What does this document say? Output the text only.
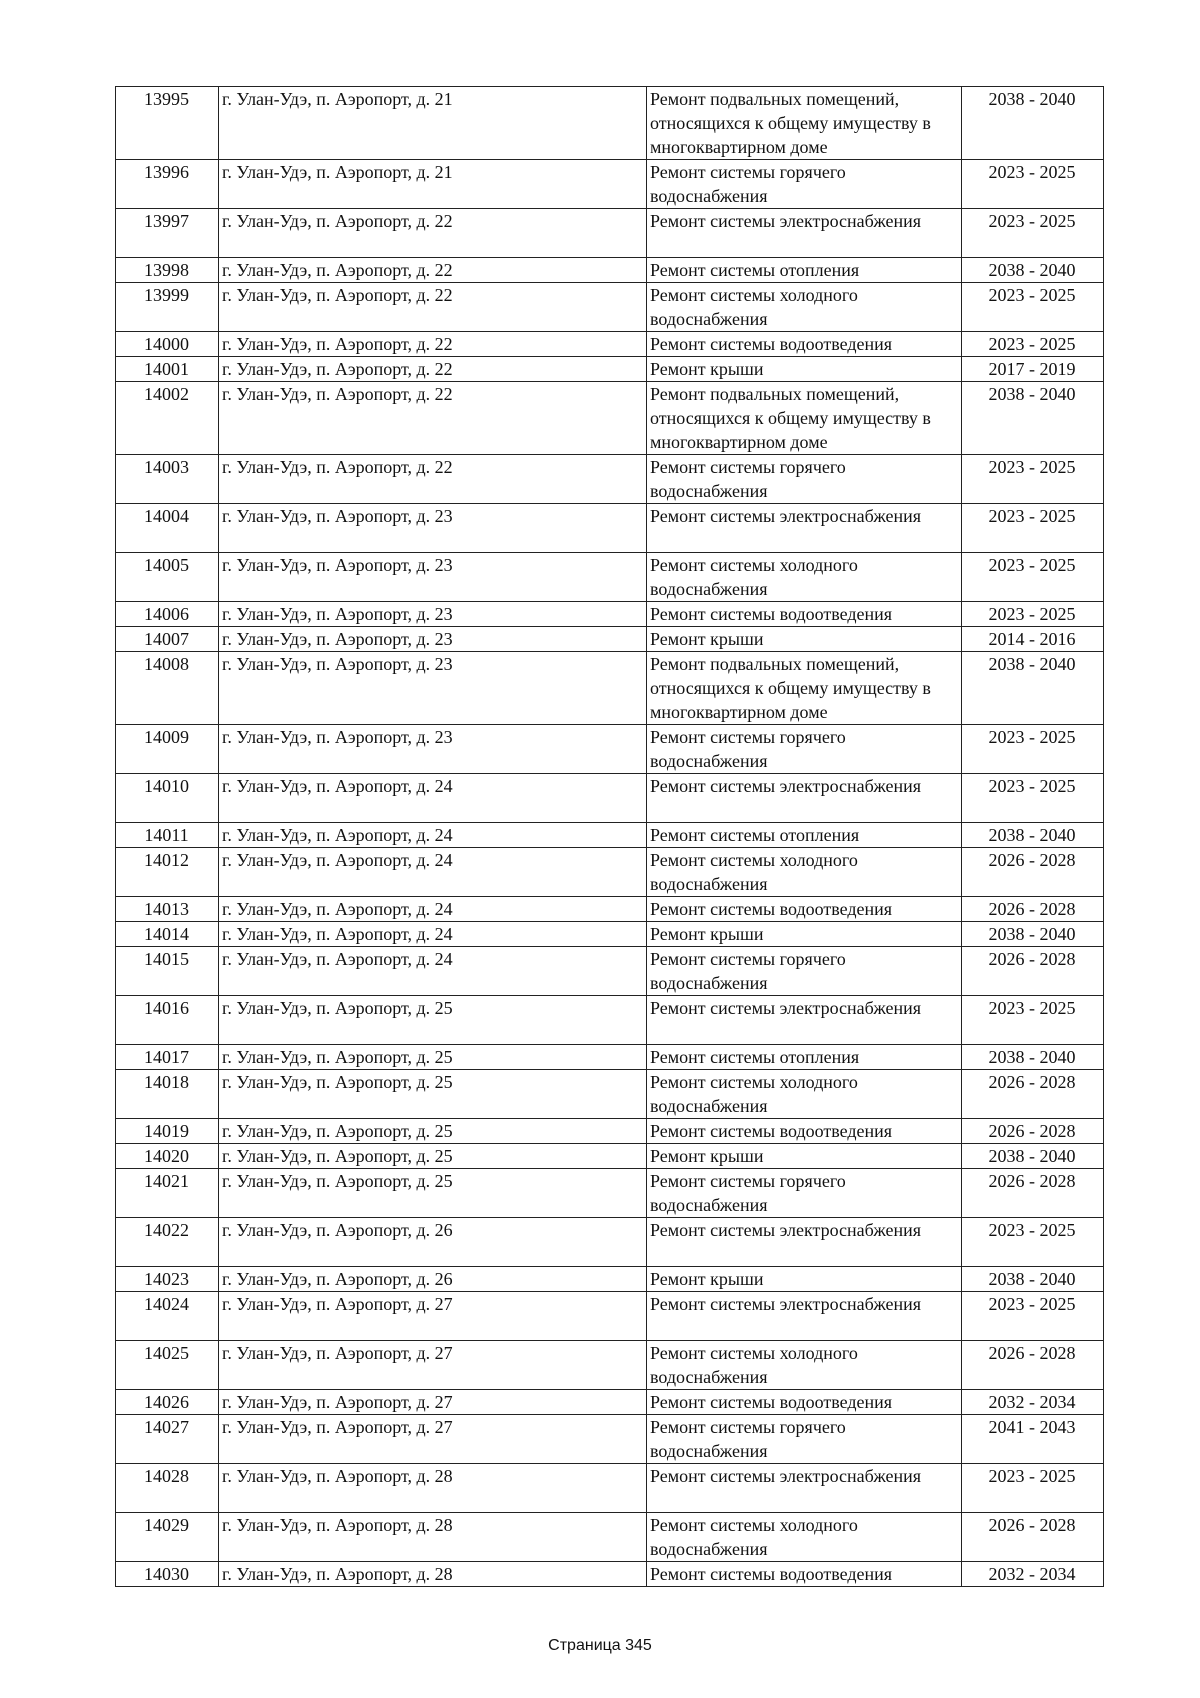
13995	г. Улан-Удэ, п. Аэропорт, д. 21	Ремонт подвальных помещений, относящихся к общему имуществу в многоквартирном доме	2038 - 2040
13996	г. Улан-Удэ, п. Аэропорт, д. 21	Ремонт системы горячего водоснабжения	2023 - 2025
13997	г. Улан-Удэ, п. Аэропорт, д. 22	Ремонт системы электроснабжения	2023 - 2025
13998	г. Улан-Удэ, п. Аэропорт, д. 22	Ремонт системы отопления	2038 - 2040
13999	г. Улан-Удэ, п. Аэропорт, д. 22	Ремонт системы холодного водоснабжения	2023 - 2025
14000	г. Улан-Удэ, п. Аэропорт, д. 22	Ремонт системы водоотведения	2023 - 2025
14001	г. Улан-Удэ, п. Аэропорт, д. 22	Ремонт крыши	2017 - 2019
14002	г. Улан-Удэ, п. Аэропорт, д. 22	Ремонт подвальных помещений, относящихся к общему имуществу в многоквартирном доме	2038 - 2040
14003	г. Улан-Удэ, п. Аэропорт, д. 22	Ремонт системы горячего водоснабжения	2023 - 2025
14004	г. Улан-Удэ, п. Аэропорт, д. 23	Ремонт системы электроснабжения	2023 - 2025
14005	г. Улан-Удэ, п. Аэропорт, д. 23	Ремонт системы холодного водоснабжения	2023 - 2025
14006	г. Улан-Удэ, п. Аэропорт, д. 23	Ремонт системы водоотведения	2023 - 2025
14007	г. Улан-Удэ, п. Аэропорт, д. 23	Ремонт крыши	2014 - 2016
14008	г. Улан-Удэ, п. Аэропорт, д. 23	Ремонт подвальных помещений, относящихся к общему имуществу в многоквартирном доме	2038 - 2040
14009	г. Улан-Удэ, п. Аэропорт, д. 23	Ремонт системы горячего водоснабжения	2023 - 2025
14010	г. Улан-Удэ, п. Аэропорт, д. 24	Ремонт системы электроснабжения	2023 - 2025
14011	г. Улан-Удэ, п. Аэропорт, д. 24	Ремонт системы отопления	2038 - 2040
14012	г. Улан-Удэ, п. Аэропорт, д. 24	Ремонт системы холодного водоснабжения	2026 - 2028
14013	г. Улан-Удэ, п. Аэропорт, д. 24	Ремонт системы водоотведения	2026 - 2028
14014	г. Улан-Удэ, п. Аэропорт, д. 24	Ремонт крыши	2038 - 2040
14015	г. Улан-Удэ, п. Аэропорт, д. 24	Ремонт системы горячего водоснабжения	2026 - 2028
14016	г. Улан-Удэ, п. Аэропорт, д. 25	Ремонт системы электроснабжения	2023 - 2025
14017	г. Улан-Удэ, п. Аэропорт, д. 25	Ремонт системы отопления	2038 - 2040
14018	г. Улан-Удэ, п. Аэропорт, д. 25	Ремонт системы холодного водоснабжения	2026 - 2028
14019	г. Улан-Удэ, п. Аэропорт, д. 25	Ремонт системы водоотведения	2026 - 2028
14020	г. Улан-Удэ, п. Аэропорт, д. 25	Ремонт крыши	2038 - 2040
14021	г. Улан-Удэ, п. Аэропорт, д. 25	Ремонт системы горячего водоснабжения	2026 - 2028
14022	г. Улан-Удэ, п. Аэропорт, д. 26	Ремонт системы электроснабжения	2023 - 2025
14023	г. Улан-Удэ, п. Аэропорт, д. 26	Ремонт крыши	2038 - 2040
14024	г. Улан-Удэ, п. Аэропорт, д. 27	Ремонт системы электроснабжения	2023 - 2025
14025	г. Улан-Удэ, п. Аэропорт, д. 27	Ремонт системы холодного водоснабжения	2026 - 2028
14026	г. Улан-Удэ, п. Аэропорт, д. 27	Ремонт системы водоотведения	2032 - 2034
14027	г. Улан-Удэ, п. Аэропорт, д. 27	Ремонт системы горячего водоснабжения	2041 - 2043
14028	г. Улан-Удэ, п. Аэропорт, д. 28	Ремонт системы электроснабжения	2023 - 2025
14029	г. Улан-Удэ, п. Аэропорт, д. 28	Ремонт системы холодного водоснабжения	2026 - 2028
14030	г. Улан-Удэ, п. Аэропорт, д. 28	Ремонт системы водоотведения	2032 - 2034
Страница 345
